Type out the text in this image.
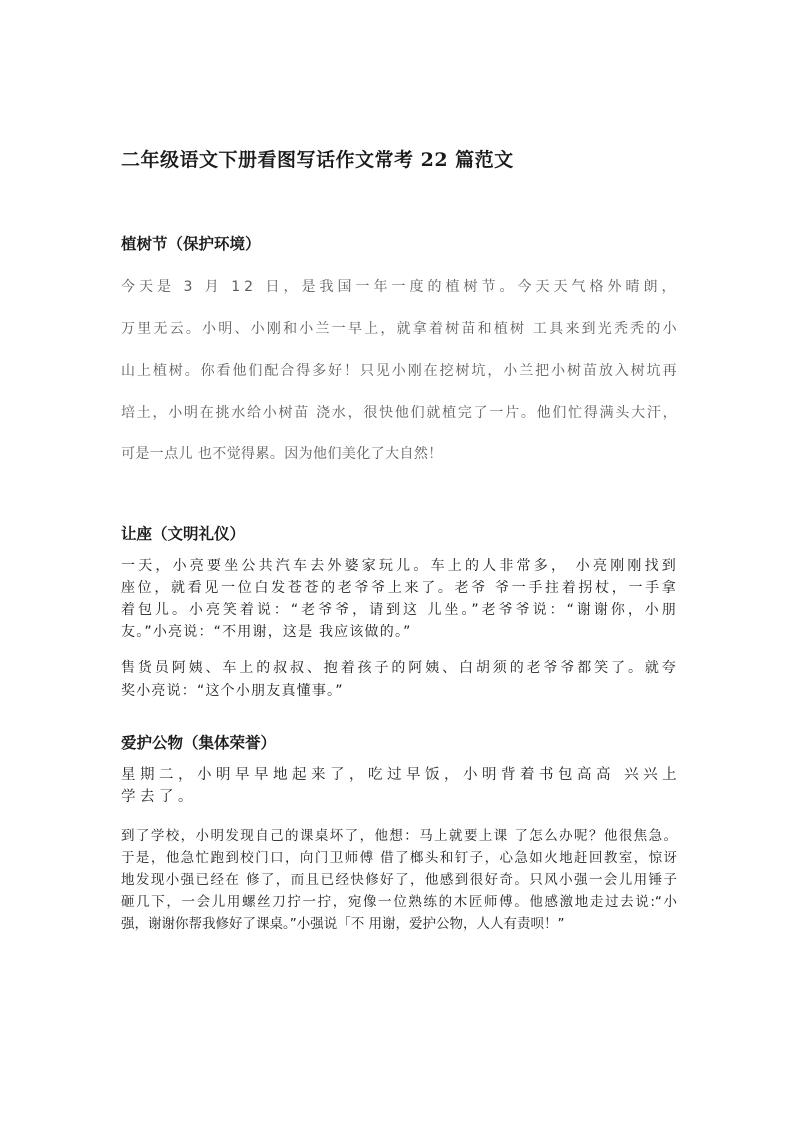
二年级语文下册看图写话作文常考 22 篇范文
植树节（保护环境）
今天是 3 月 12 日，是我国一年一度的植树节。今天天气格外晴朗，
万里无云。小明、小刚和小兰一早上，就拿着树苗和植树 工具来到光秃秃的小
山上植树。你看他们配合得多好！只见小刚在挖树坑，小兰把小树苗放入树坑再
培土，小明在挑水给小树苗 浇水，很快他们就植完了一片。他们忙得满头大汗，
可是一点儿 也不觉得累。因为他们美化了大自然！
让座（文明礼仪）
一天，小亮要坐公共汽车去外婆家玩儿。车上的人非常多， 小亮刚刚找到
座位，就看见一位白发苍苍的老爷爷上来了。老爷 爷一手拄着拐杖，一手拿
着包儿。小亮笑着说：“老爷爷，请到这 儿坐。”老爷爷说：“谢谢你，小朋
友。”小亮说：“不用谢，这是 我应该做的。”
售货员阿姨、车上的叔叔、抱着孩子的阿姨、白胡须的老爷爷都笑了。就夸
奖小亮说：“这个小朋友真懂事。”
爱护公物（集体荣誉）
星期二，小明早早地起来了，吃过早饭，小明背着书包高高 兴兴上
学去了。
到了学校，小明发现自己的课桌坏了，他想：马上就要上课 了怎么办呢？他很焦急。
于是，他急忙跑到校门口，向门卫师傅 借了榔头和钉子，心急如火地赶回教室，惊讶
地发现小强已经在 修了，而且已经快修好了，他感到很好奇。只风小强一会儿用锤子
砸几下，一会儿用螺丝刀拧一拧，宛像一位熟练的木匠师傅。他感激地走过去说:“小
强，谢谢你帮我修好了课桌。”小强说「不 用谢，爱护公物，人人有责呗！”
